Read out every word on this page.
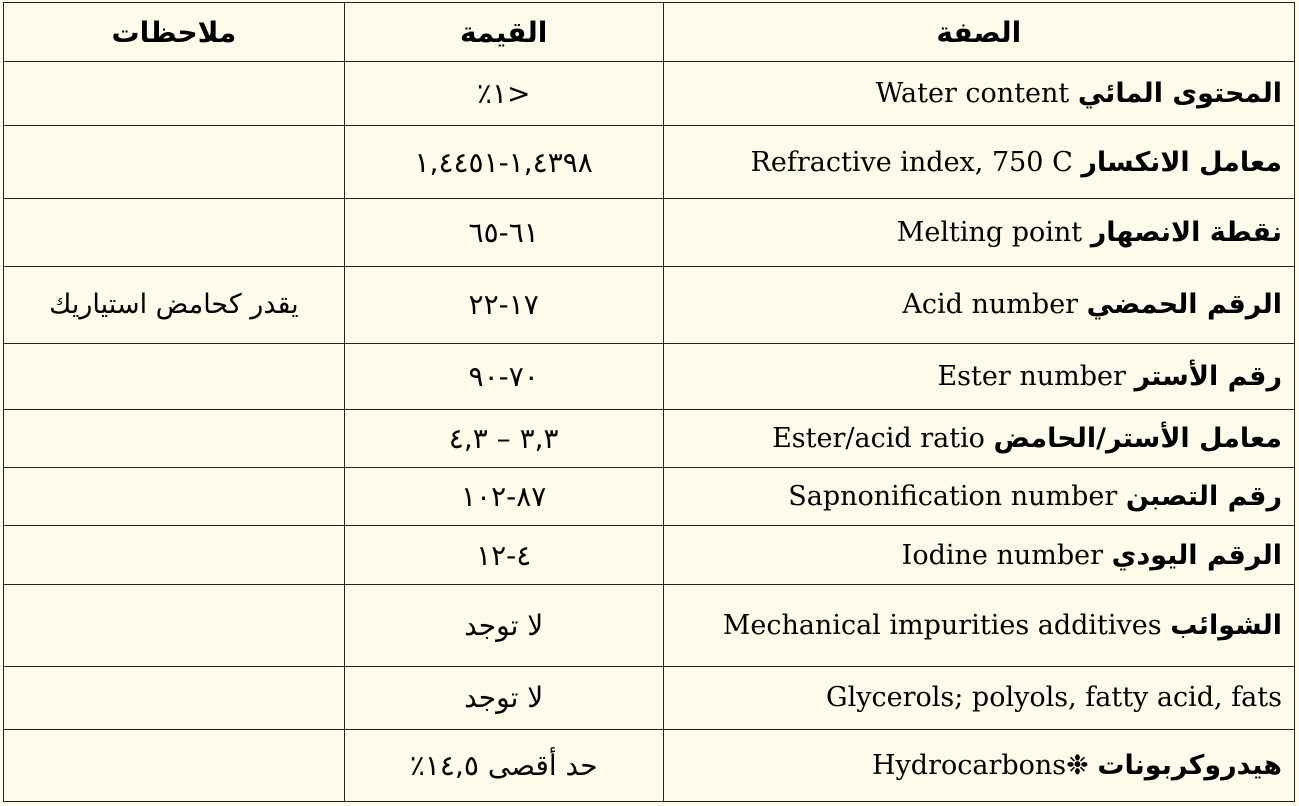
الصفة	القيمة	ملاحظات
المحتوى المائي Water content	<١٪	
معامل الانكسار Refractive index, 750 C	١,٤٣٩٨-١,٤٤٥١	
نقطة الانصهار Melting point	٦١-٦٥	
الرقم الحمضي Acid number	١٧-٢٢	يقدر كحامض استياريك
رقم الأستر Ester number	٧٠-٩٠	
معامل الأستر/الحامض Ester/acid ratio	٣,٣ – ٤,٣	
رقم التصبن Sapnonification number	٨٧-١٠٢	
الرقم اليودي Iodine number	٤-١٢	
الشوائب Mechanical impurities additives	لا توجد	
Glycerols; polyols, fatty acid, fats	لا توجد	
هيدروكربونات Hydrocarbons❉	حد أقصى ١٤,٥٪	
